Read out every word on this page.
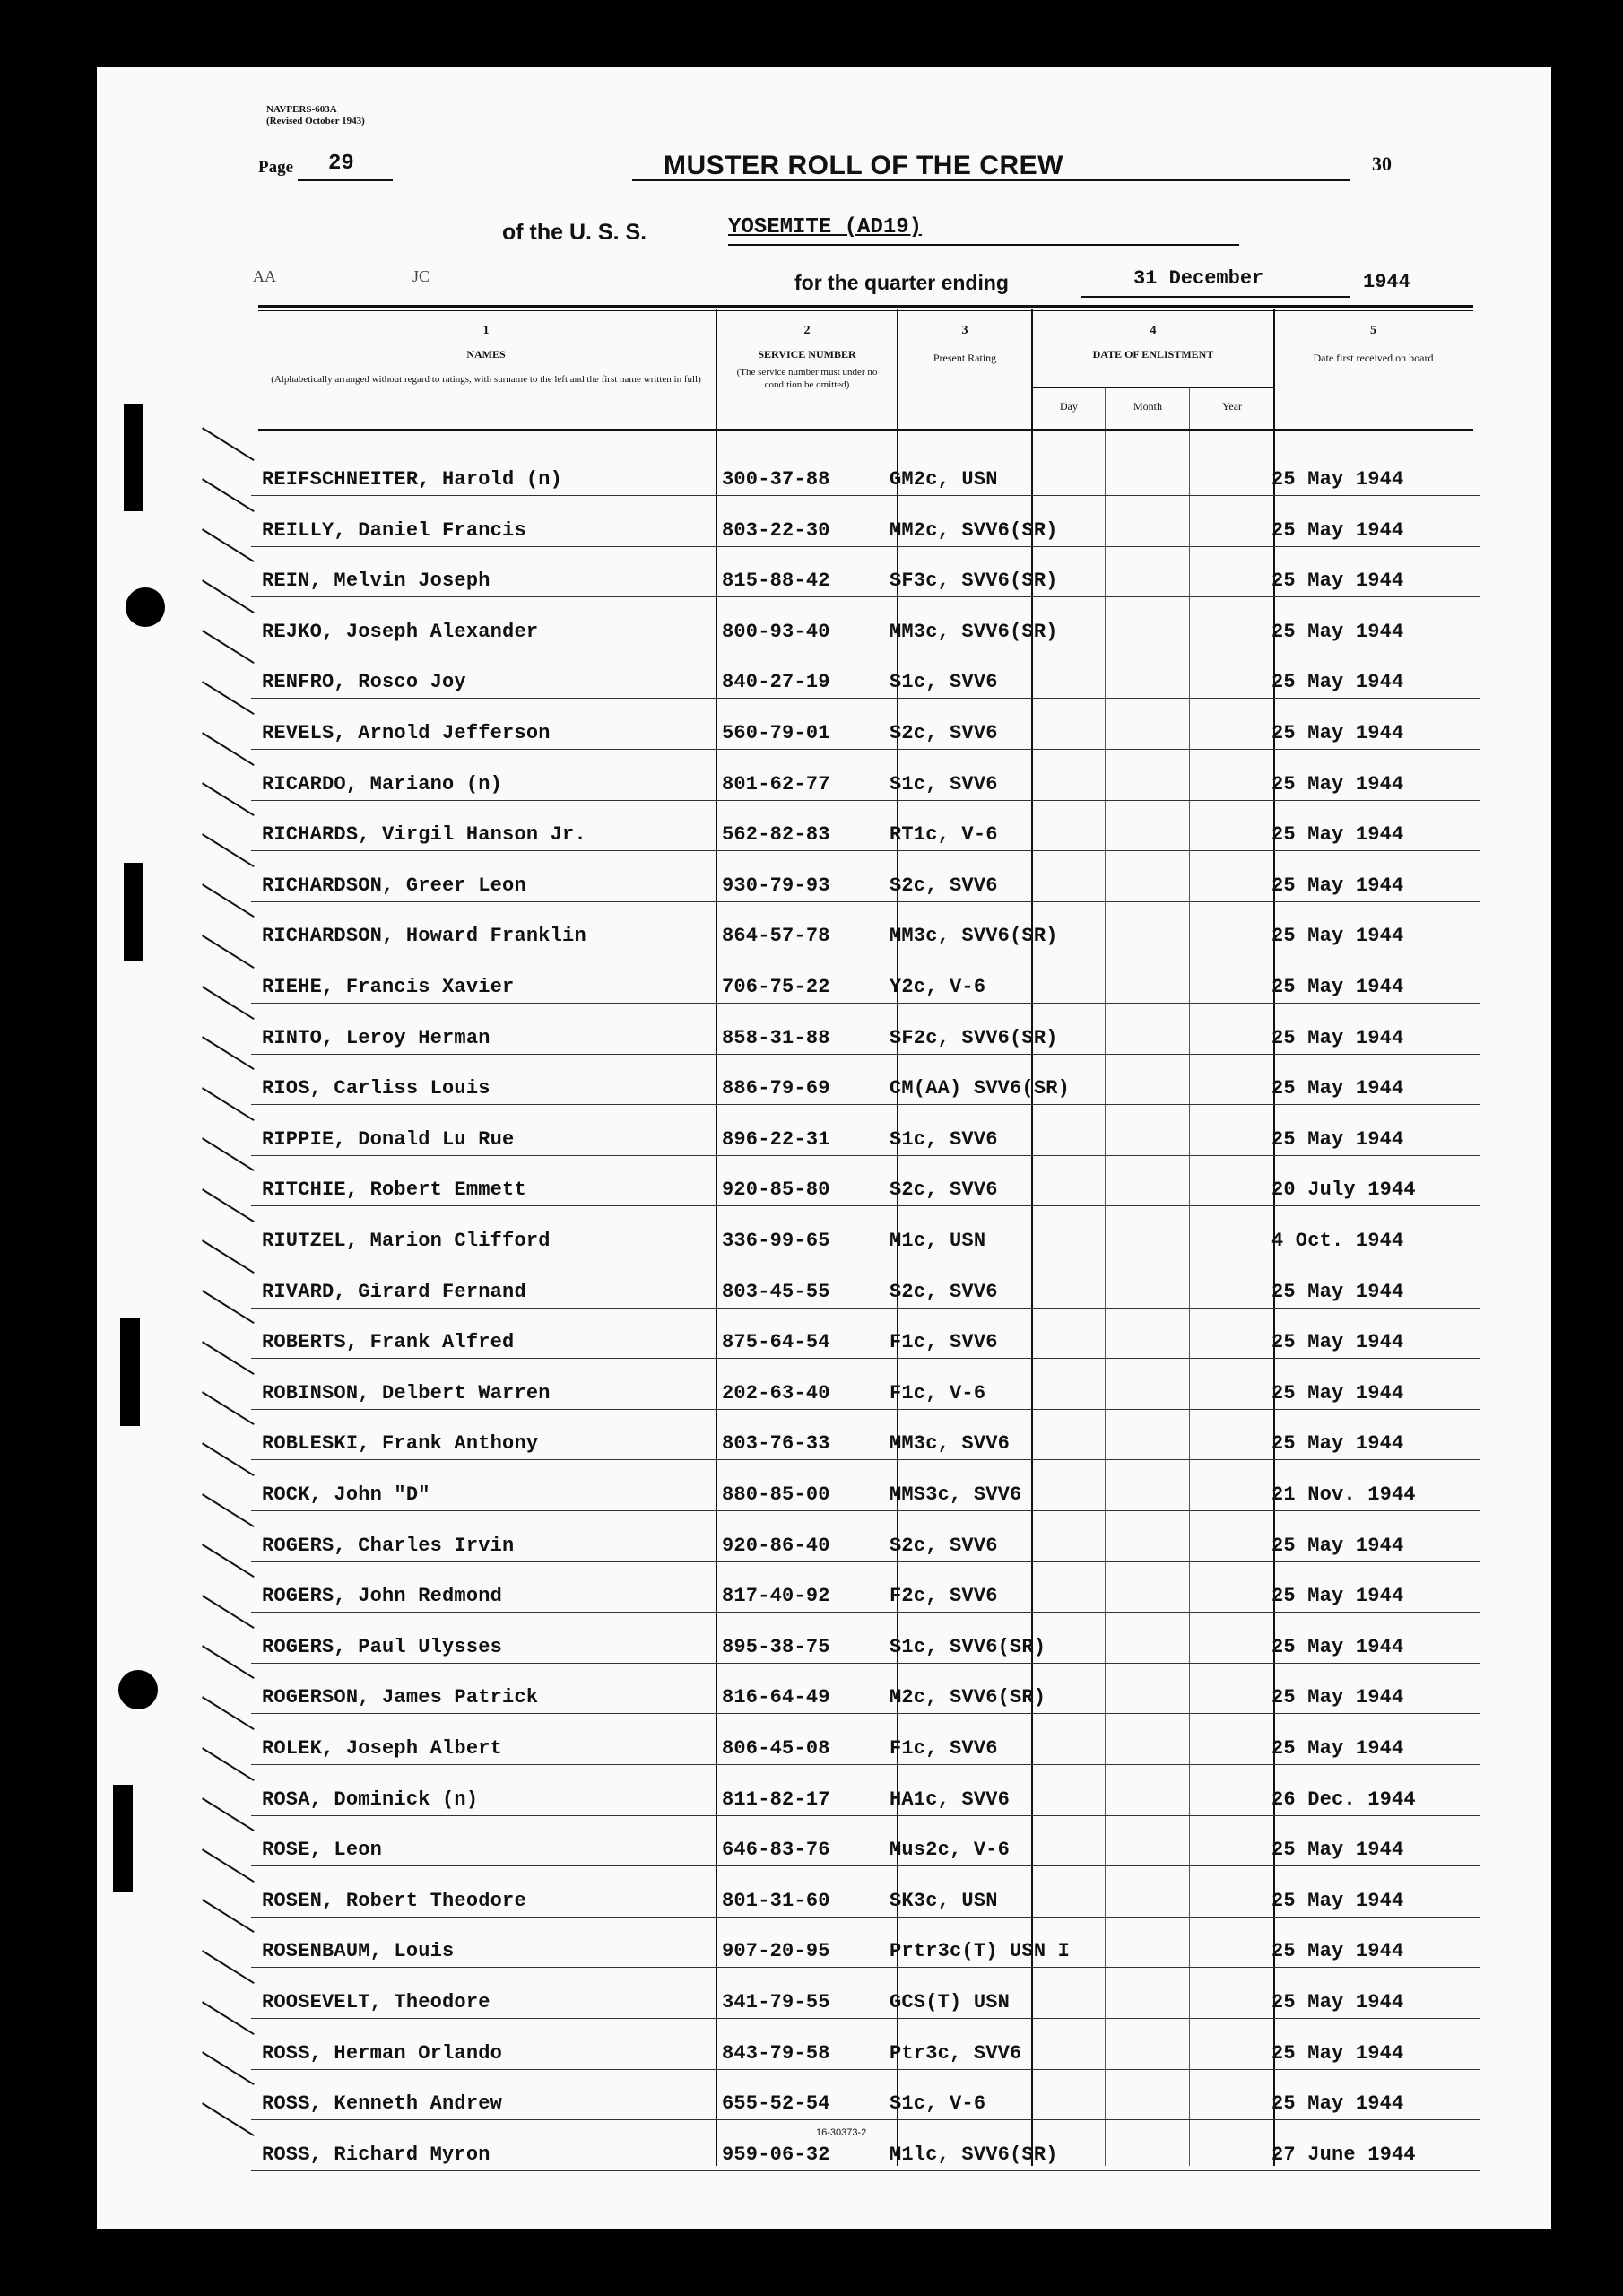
NAVPERS-603A
(Revised October 1943)
Page 29	MUSTER ROLL OF THE CREW	30
of the U. S. S.	YOSEMITE (AD19)
AA	JC	for the quarter ending	31 December	1944
1
NAMES
(Alphabetically arranged without regard to ratings, with surname to the left and the first name written in full)
2
SERVICE NUMBER
(The service number must under no condition be omitted)
3
Present Rating
4
DATE OF ENLISTMENT
Day	Month	Year
5
Date first received on board
REIFSCHNEITER, Harold (n)	300-37-88	GM2c, USN	25 May 1944
REILLY, Daniel Francis	803-22-30	MM2c, SVV6(SR)	25 May 1944
REIN, Melvin Joseph	815-88-42	SF3c, SVV6(SR)	25 May 1944
REJKO, Joseph Alexander	800-93-40	MM3c, SVV6(SR)	25 May 1944
RENFRO, Rosco Joy	840-27-19	S1c, SVV6	25 May 1944
REVELS, Arnold Jefferson	560-79-01	S2c, SVV6	25 May 1944
RICARDO, Mariano (n)	801-62-77	S1c, SVV6	25 May 1944
RICHARDS, Virgil Hanson Jr.	562-82-83	RT1c, V-6	25 May 1944
RICHARDSON, Greer Leon	930-79-93	S2c, SVV6	25 May 1944
RICHARDSON, Howard Franklin	864-57-78	MM3c, SVV6(SR)	25 May 1944
RIEHE, Francis Xavier	706-75-22	Y2c, V-6	25 May 1944
RINTO, Leroy Herman	858-31-88	SF2c, SVV6(SR)	25 May 1944
RIOS, Carliss Louis	886-79-69	CM(AA) SVV6(SR)	25 May 1944
RIPPIE, Donald Lu Rue	896-22-31	S1c, SVV6	25 May 1944
RITCHIE, Robert Emmett	920-85-80	S2c, SVV6	20 July 1944
RIUTZEL, Marion Clifford	336-99-65	M1c, USN	4 Oct. 1944
RIVARD, Girard Fernand	803-45-55	S2c, SVV6	25 May 1944
ROBERTS, Frank Alfred	875-64-54	F1c, SVV6	25 May 1944
ROBINSON, Delbert Warren	202-63-40	F1c, V-6	25 May 1944
ROBLESKI, Frank Anthony	803-76-33	MM3c, SVV6	25 May 1944
ROCK, John "D"	880-85-00	MMS3c, SVV6	21 Nov. 1944
ROGERS, Charles Irvin	920-86-40	S2c, SVV6	25 May 1944
ROGERS, John Redmond	817-40-92	F2c, SVV6	25 May 1944
ROGERS, Paul Ulysses	895-38-75	S1c, SVV6(SR)	25 May 1944
ROGERSON, James Patrick	816-64-49	M2c, SVV6(SR)	25 May 1944
ROLEK, Joseph Albert	806-45-08	F1c, SVV6	25 May 1944
ROSA, Dominick (n)	811-82-17	HA1c, SVV6	26 Dec. 1944
ROSE, Leon	646-83-76	Mus2c, V-6	25 May 1944
ROSEN, Robert Theodore	801-31-60	SK3c, USN	25 May 1944
ROSENBAUM, Louis	907-20-95	Prtr3c(T) USN I	25 May 1944
ROOSEVELT, Theodore	341-79-55	GCS(T) USN	25 May 1944
ROSS, Herman Orlando	843-79-58	Ptr3c, SVV6	25 May 1944
ROSS, Kenneth Andrew	655-52-54	S1c, V-6	25 May 1944
ROSS, Richard Myron	959-06-32	M1lc, SVV6(SR)	27 June 1944
16-30373-2
